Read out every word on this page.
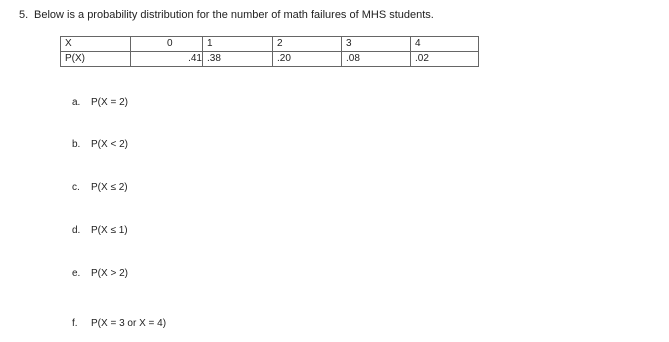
5. Below is a probability distribution for the number of math failures of MHS students.
X	0	1	2	3	4
P(X)	.41	.38	.20	.08	.02
a. P(X = 2)
b. P(X < 2)
c. P(X ≤ 2)
d. P(X ≤ 1)
e. P(X > 2)
f. P(X = 3 or X = 4)
